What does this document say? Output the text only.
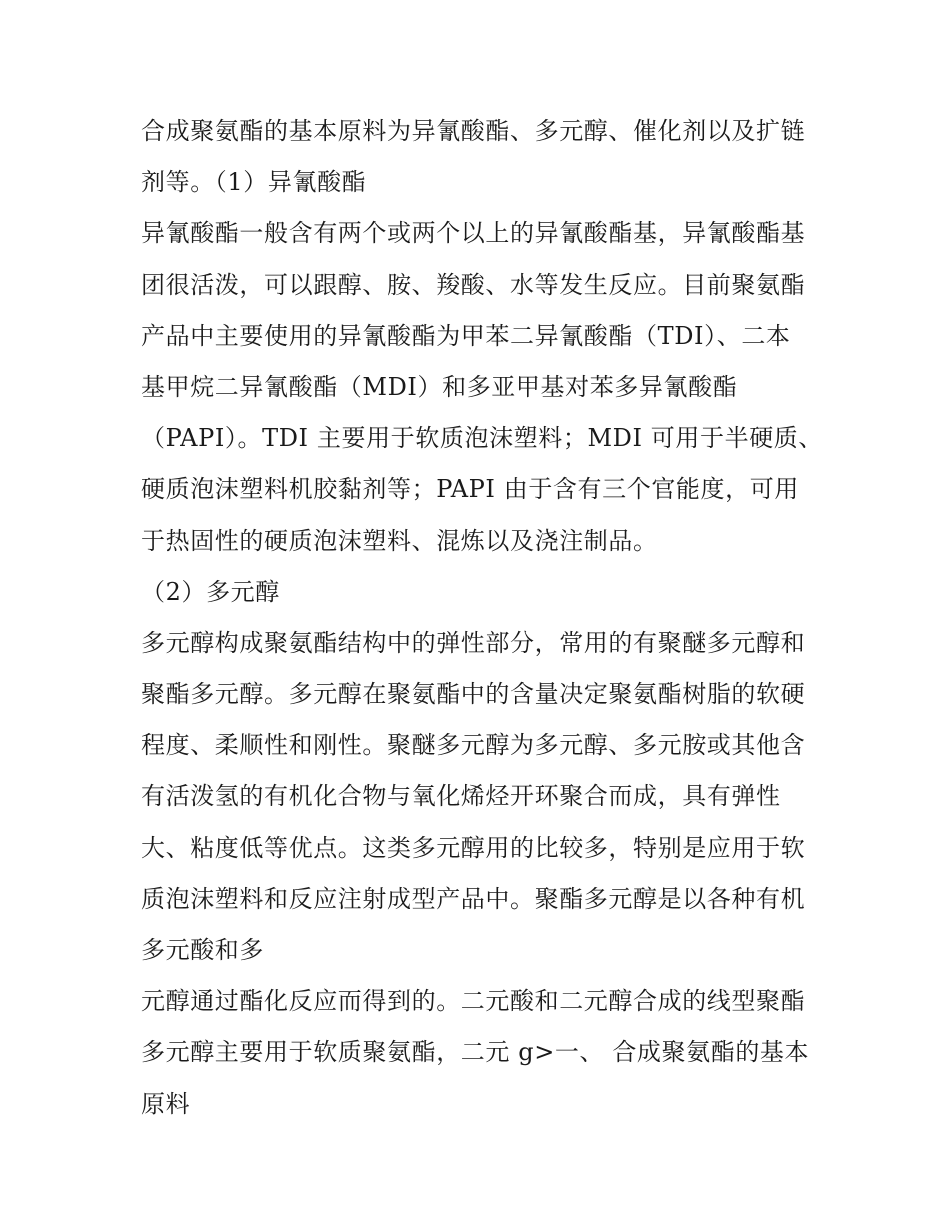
合成聚氨酯的基本原料为异氰酸酯、多元醇、催化剂以及扩链
剂等。（1）异氰酸酯
异氰酸酯一般含有两个或两个以上的异氰酸酯基，异氰酸酯基
团很活泼，可以跟醇、胺、羧酸、水等发生反应。目前聚氨酯
产品中主要使用的异氰酸酯为甲苯二异氰酸酯（TDI）、二本
基甲烷二异氰酸酯（MDI）和多亚甲基对苯多异氰酸酯
（PAPI）。TDI 主要用于软质泡沫塑料；MDI 可用于半硬质、
硬质泡沫塑料机胶黏剂等；PAPI 由于含有三个官能度，可用
于热固性的硬质泡沫塑料、混炼以及浇注制品。
（2）多元醇
多元醇构成聚氨酯结构中的弹性部分，常用的有聚醚多元醇和
聚酯多元醇。多元醇在聚氨酯中的含量决定聚氨酯树脂的软硬
程度、柔顺性和刚性。聚醚多元醇为多元醇、多元胺或其他含
有活泼氢的有机化合物与氧化烯烃开环聚合而成，具有弹性
大、粘度低等优点。这类多元醇用的比较多，特别是应用于软
质泡沫塑料和反应注射成型产品中。聚酯多元醇是以各种有机
多元酸和多
元醇通过酯化反应而得到的。二元酸和二元醇合成的线型聚酯
多元醇主要用于软质聚氨酯，二元 g>一、 合成聚氨酯的基本
原料
